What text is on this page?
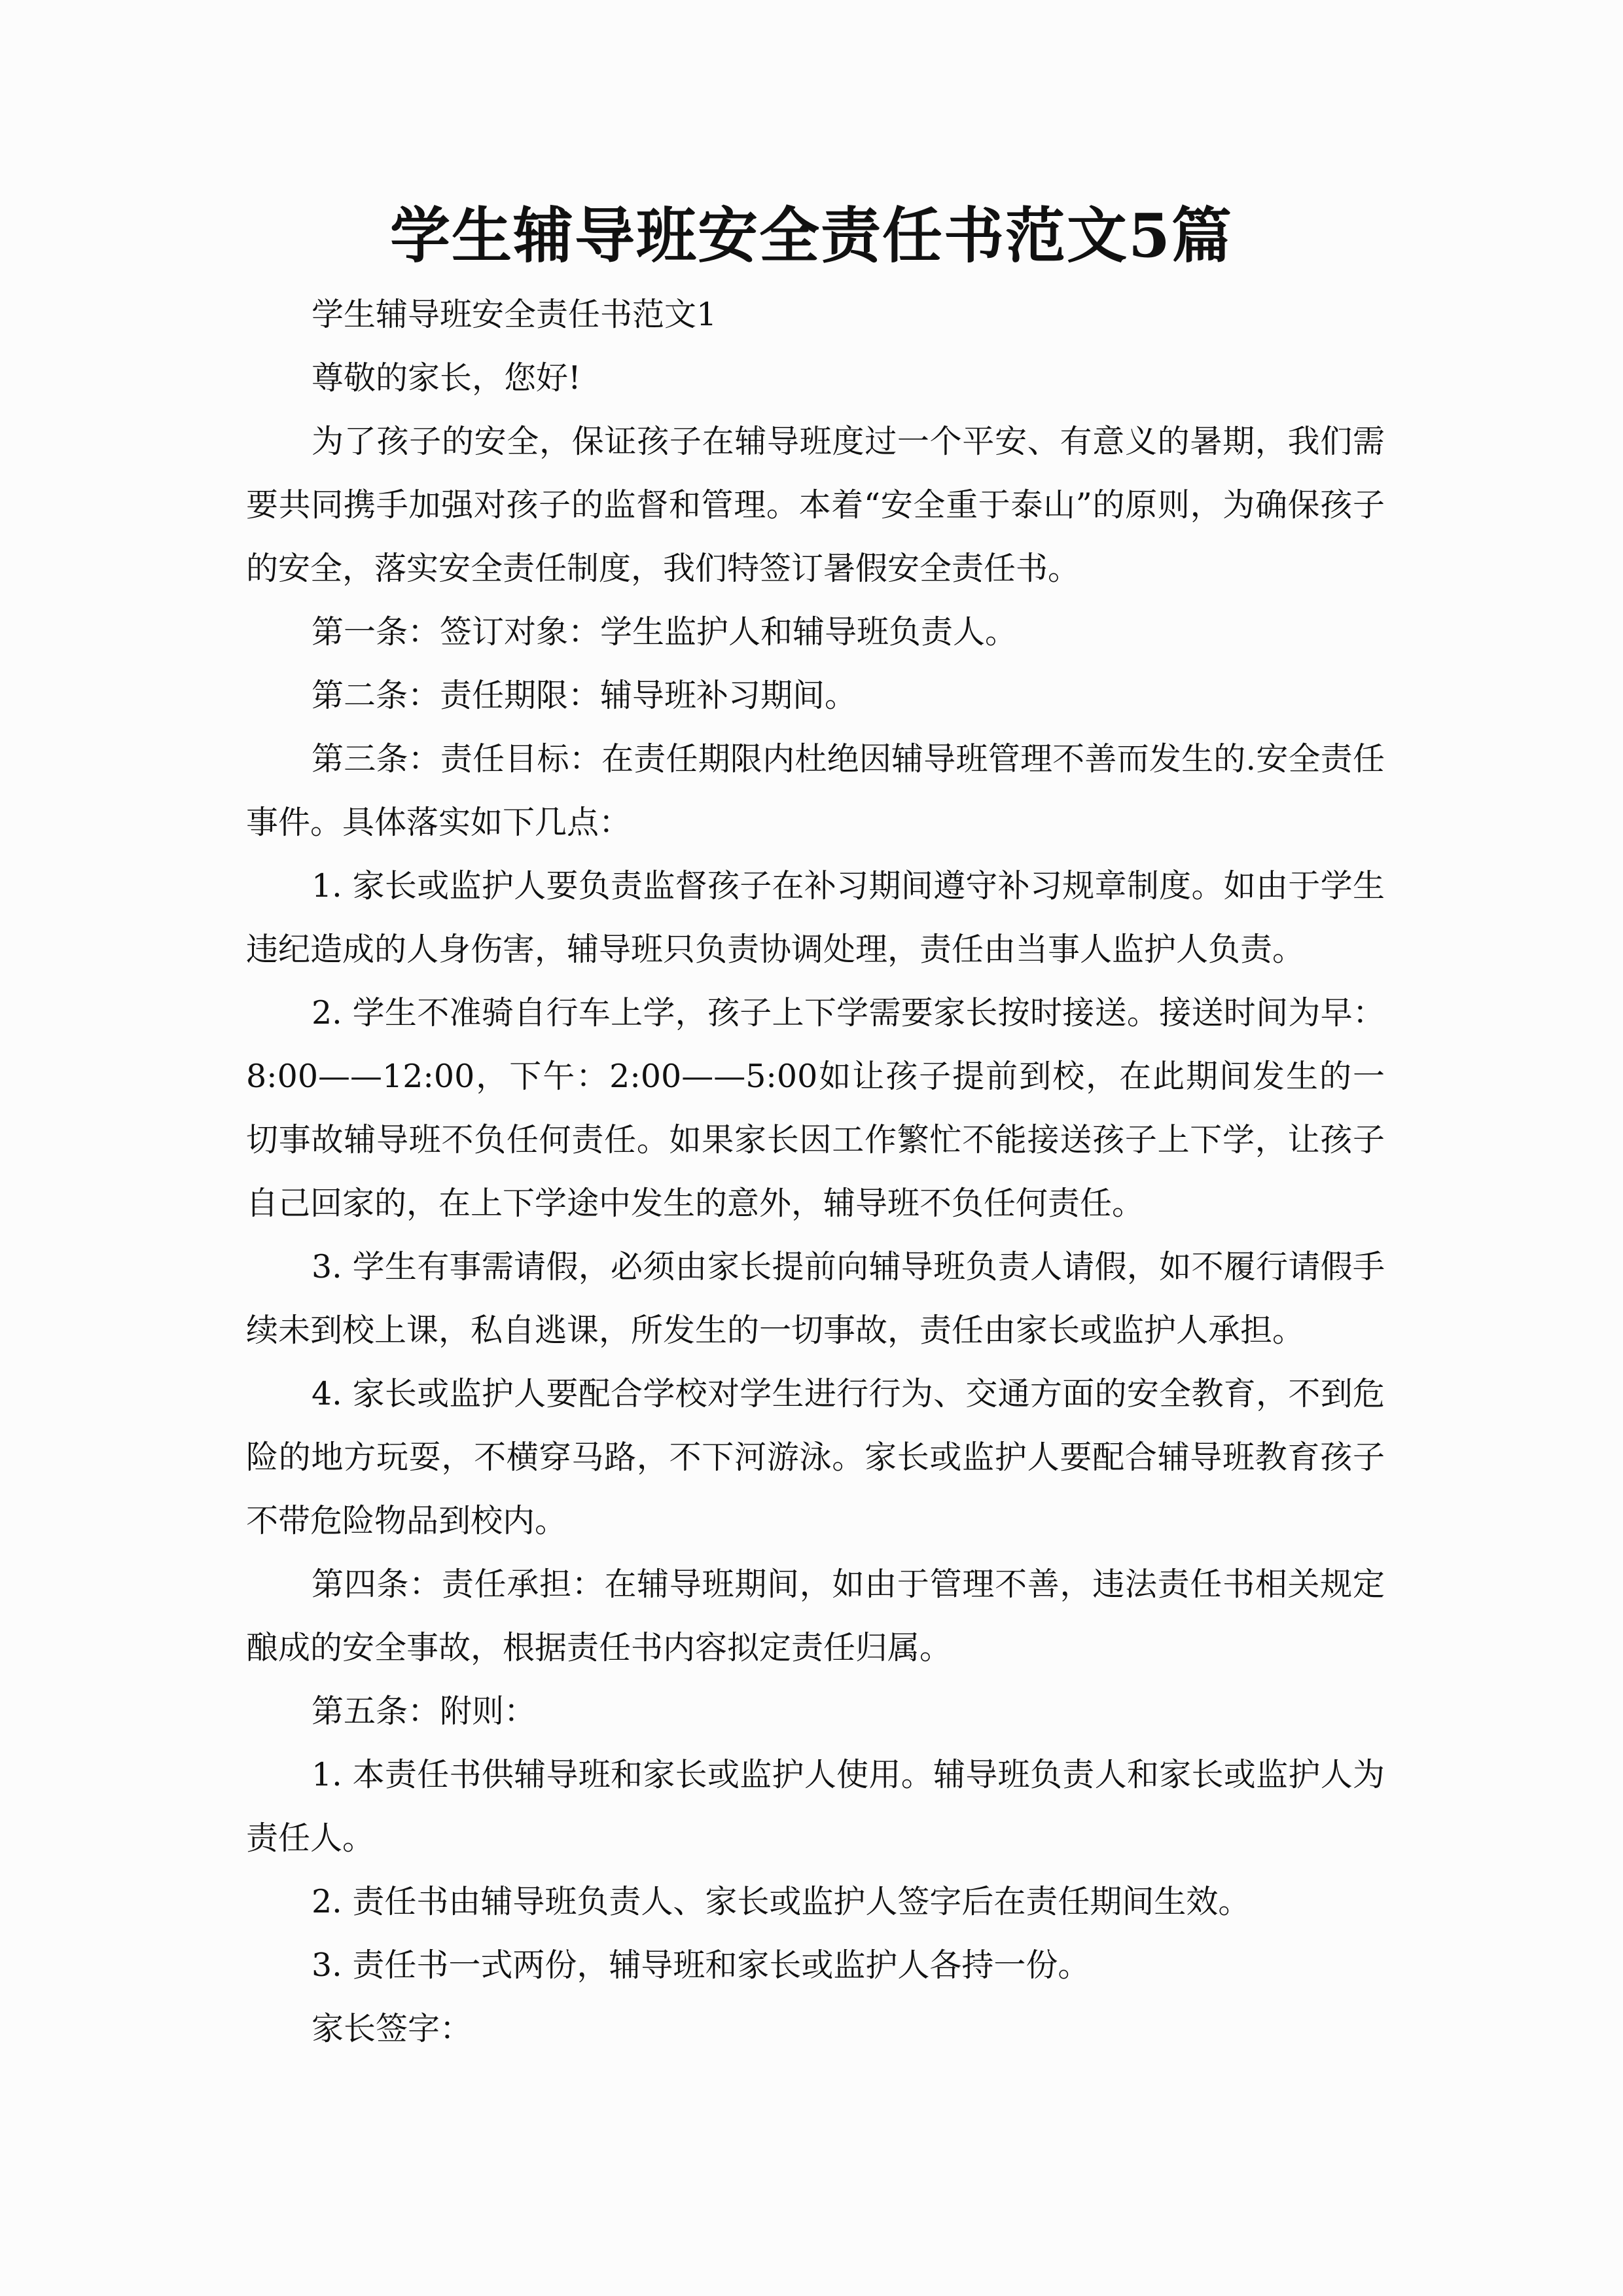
学生辅导班安全责任书范文5篇

学生辅导班安全责任书范文1

尊敬的家长，您好!

为了孩子的安全，保证孩子在辅导班度过一个平安、有意义的暑期，我们需要共同携手加强对孩子的监督和管理。本着“安全重于泰山”的原则，为确保孩子的安全，落实安全责任制度，我们特签订暑假安全责任书。

第一条：签订对象：学生监护人和辅导班负责人。

第二条：责任期限：辅导班补习期间。

第三条：责任目标：在责任期限内杜绝因辅导班管理不善而发生的.安全责任事件。具体落实如下几点：

1. 家长或监护人要负责监督孩子在补习期间遵守补习规章制度。如由于学生违纪造成的人身伤害，辅导班只负责协调处理，责任由当事人监护人负责。

2. 学生不准骑自行车上学，孩子上下学需要家长按时接送。接送时间为早：8:00——12:00，下午：2:00——5:00如让孩子提前到校，在此期间发生的一切事故辅导班不负任何责任。如果家长因工作繁忙不能接送孩子上下学，让孩子自己回家的，在上下学途中发生的意外，辅导班不负任何责任。

3. 学生有事需请假，必须由家长提前向辅导班负责人请假，如不履行请假手续未到校上课，私自逃课，所发生的一切事故，责任由家长或监护人承担。

4. 家长或监护人要配合学校对学生进行行为、交通方面的安全教育，不到危险的地方玩耍，不横穿马路，不下河游泳。家长或监护人要配合辅导班教育孩子不带危险物品到校内。

第四条：责任承担：在辅导班期间，如由于管理不善，违法责任书相关规定酿成的安全事故，根据责任书内容拟定责任归属。

第五条：附则：

1. 本责任书供辅导班和家长或监护人使用。辅导班负责人和家长或监护人为责任人。

2. 责任书由辅导班负责人、家长或监护人签字后在责任期间生效。

3. 责任书一式两份，辅导班和家长或监护人各持一份。

家长签字：
